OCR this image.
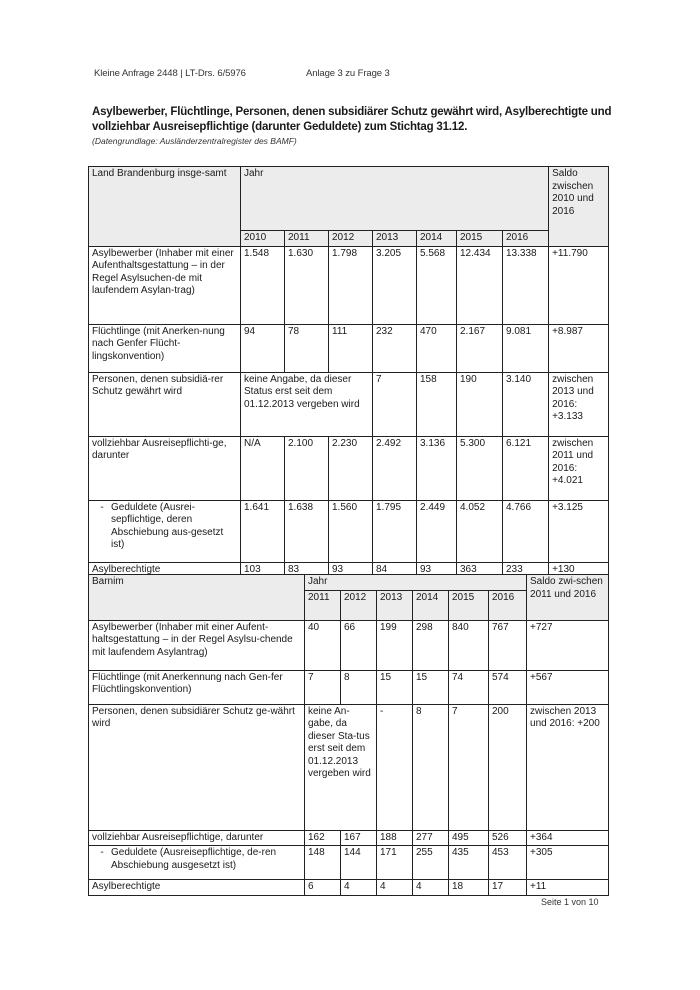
Kleine Anfrage 2448 | LT-Drs. 6/5976	Anlage 3 zu Frage 3
Asylbewerber, Flüchtlinge, Personen, denen subsidiärer Schutz gewährt wird, Asylberechtigte und vollziehbar Ausreisepflichtige (darunter Geduldete) zum Stichtag 31.12.
(Datengrundlage: Ausländerzentralregister des BAMF)
Land Brandenburg insge-samt	Jahr							Saldo zwischen 2010 und 2016
	2010	2011	2012	2013	2014	2015	2016	
Asylbewerber (Inhaber mit einer Aufenthaltsgestattung – in der Regel Asylsuchen-de mit laufendem Asylan-trag)	1.548	1.630	1.798	3.205	5.568	12.434	13.338	+11.790
Flüchtlinge (mit Anerken-nung nach Genfer Flücht-lingskonvention)	94	78	111	232	470	2.167	9.081	+8.987
Personen, denen subsidiä-rer Schutz gewährt wird	keine Angabe, da dieser Status erst seit dem 01.12.2013 vergeben wird			7	158	190	3.140	zwischen 2013 und 2016: +3.133
vollziehbar Ausreisepflichti-ge, darunter	N/A	2.100	2.230	2.492	3.136	5.300	6.121	zwischen 2011 und 2016: +4.021
- Geduldete (Ausrei-sepflichtige, deren Abschiebung aus-gesetzt ist)	1.641	1.638	1.560	1.795	2.449	4.052	4.766	+3.125
Asylberechtigte	103	83	93	84	93	363	233	+130
Barnim	Jahr						Saldo zwi-schen 2011 und 2016
	2011	2012	2013	2014	2015	2016	
Asylbewerber (Inhaber mit einer Aufent-haltsgestattung – in der Regel Asylsu-chende mit laufendem Asylantrag)	40	66	199	298	840	767	+727
Flüchtlinge (mit Anerkennung nach Gen-fer Flüchtlingskonvention)	7	8	15	15	74	574	+567
Personen, denen subsidiärer Schutz ge-währt wird	keine An-gabe, da dieser Sta-tus erst seit dem 01.12.2013 vergeben wird		-	8	7	200	zwischen 2013 und 2016: +200
vollziehbar Ausreisepflichtige, darunter	162	167	188	277	495	526	+364
- Geduldete (Ausreisepflichtige, de-ren Abschiebung ausgesetzt ist)	148	144	171	255	435	453	+305
Asylberechtigte	6	4	4	4	18	17	+11
Seite 1 von 10
